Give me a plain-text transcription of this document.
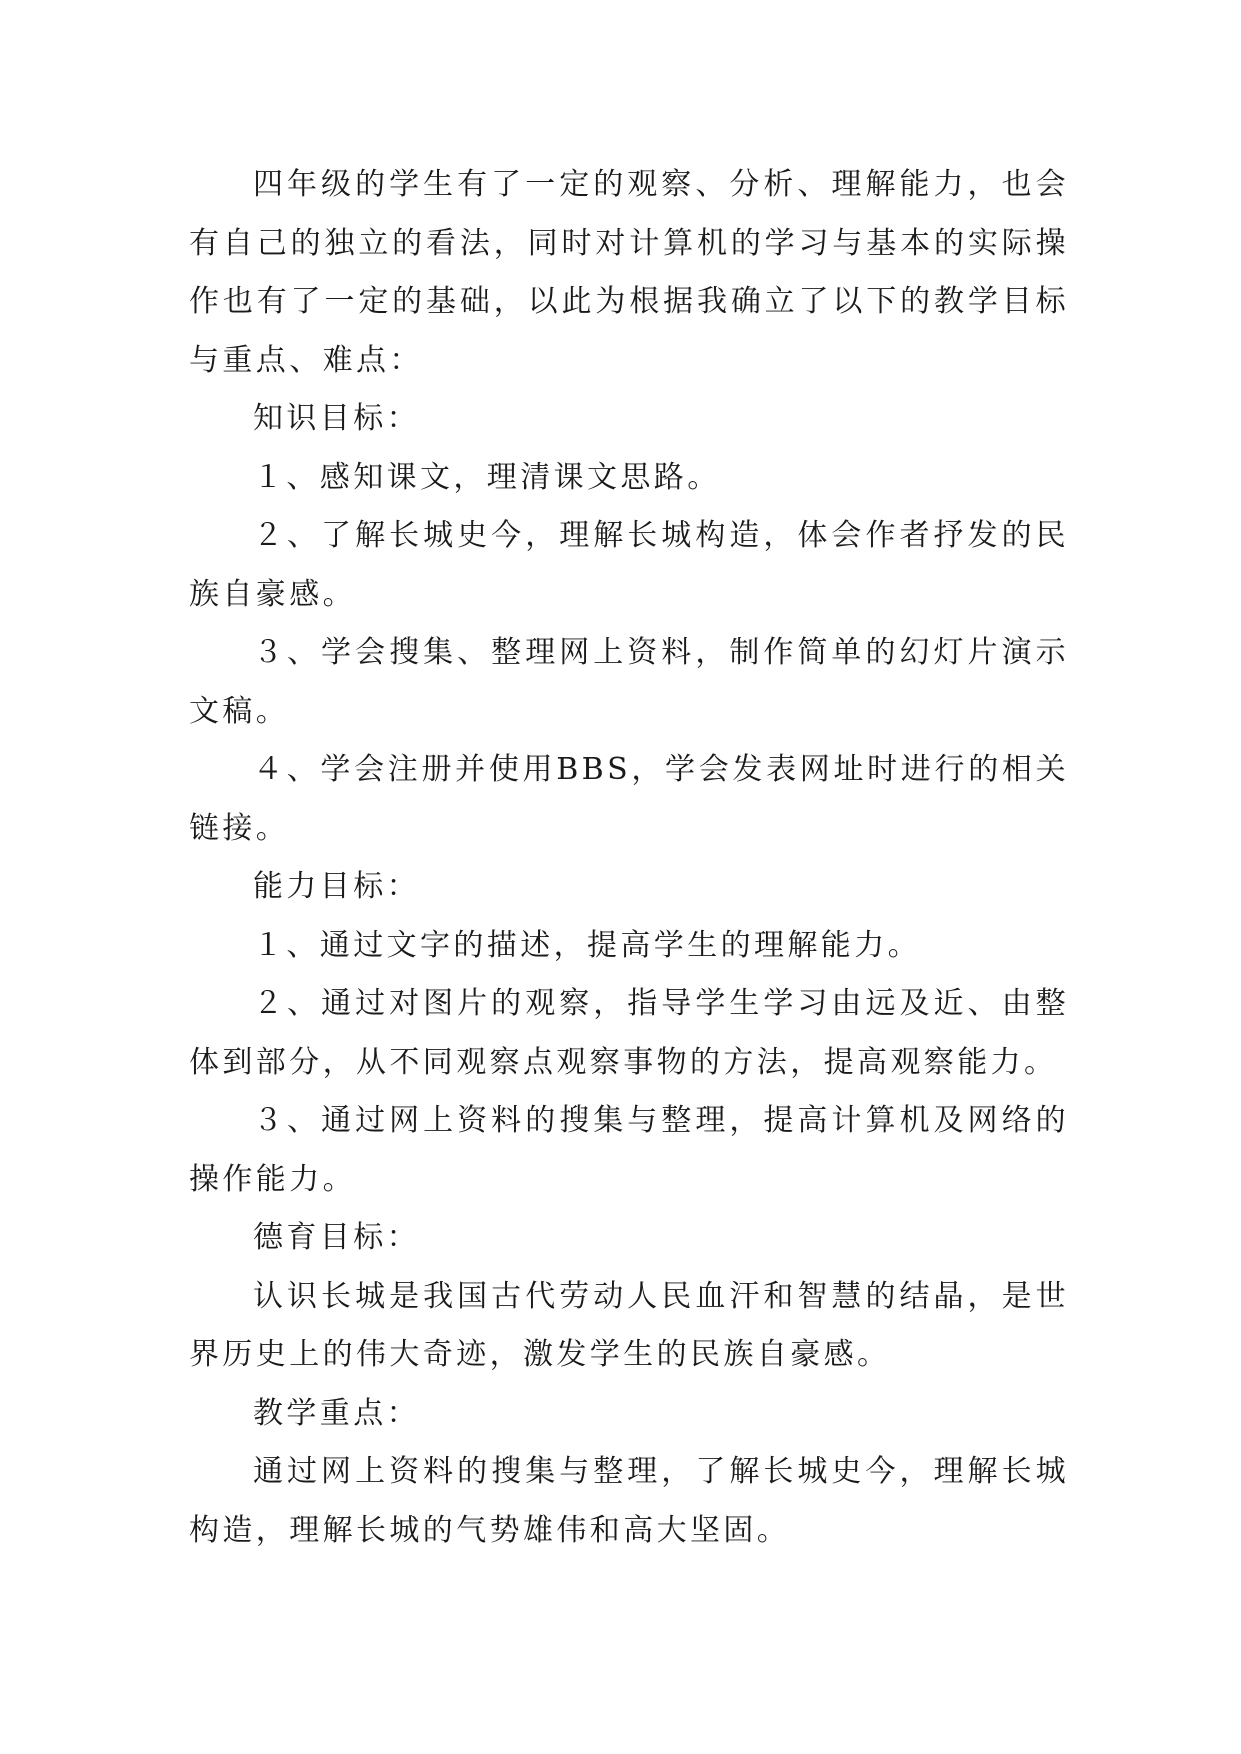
四年级的学生有了一定的观察、分析、理解能力，也会有自己的独立的看法，同时对计算机的学习与基本的实际操作也有了一定的基础，以此为根据我确立了以下的教学目标与重点、难点：

知识目标：

１、感知课文，理清课文思路。

２、了解长城史今，理解长城构造，体会作者抒发的民族自豪感。

３、学会搜集、整理网上资料，制作简单的幻灯片演示文稿。

４、学会注册并使用BBS，学会发表网址时进行的相关链接。

能力目标：

１、通过文字的描述，提高学生的理解能力。

２、通过对图片的观察，指导学生学习由远及近、由整体到部分，从不同观察点观察事物的方法，提高观察能力。

３、通过网上资料的搜集与整理，提高计算机及网络的操作能力。

德育目标：

认识长城是我国古代劳动人民血汗和智慧的结晶，是世界历史上的伟大奇迹，激发学生的民族自豪感。

教学重点：

通过网上资料的搜集与整理，了解长城史今，理解长城构造，理解长城的气势雄伟和高大坚固。
